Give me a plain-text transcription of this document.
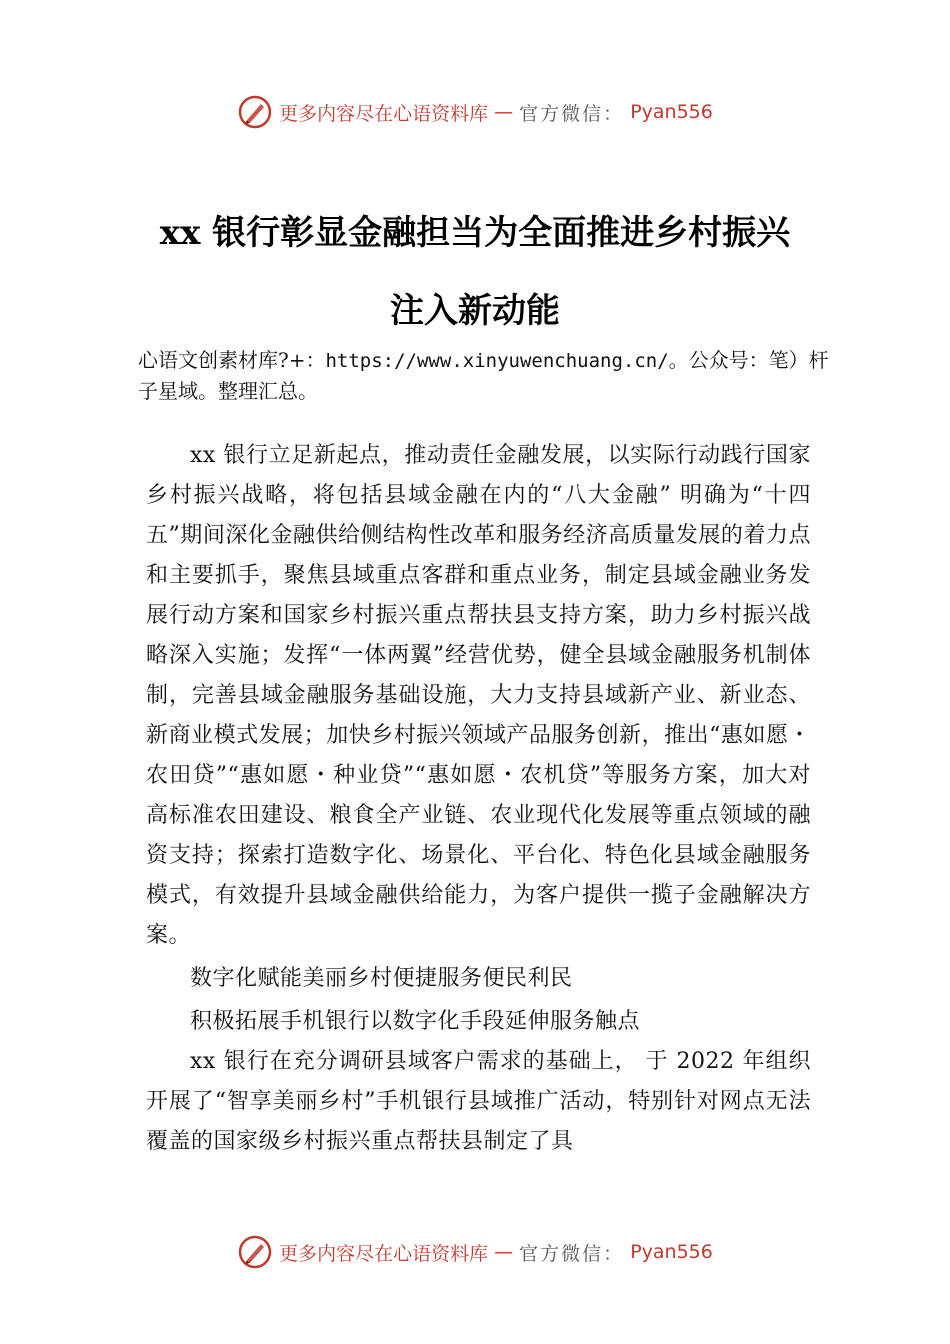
更多内容尽在心语资料库 — 官方微信： Pyan556
xx 银行彰显金融担当为全面推进乡村振兴
注入新动能
心语文创素材库?+：https://www.xinyuwenchuang.cn/。公众号：笔）杆子星域。整理汇总。

xx 银行立足新起点，推动责任金融发展，以实际行动践行国家乡村振兴战略，将包括县域金融在内的“八大金融” 明确为“十四五”期间深化金融供给侧结构性改革和服务经济高质量发展的着力点和主要抓手，聚焦县域重点客群和重点业务，制定县域金融业务发展行动方案和国家乡村振兴重点帮扶县支持方案，助力乡村振兴战略深入实施；发挥“一体两翼”经营优势，健全县域金融服务机制体制，完善县域金融服务基础设施，大力支持县域新产业、新业态、新商业模式发展；加快乡村振兴领域产品服务创新，推出“惠如愿・农田贷”“惠如愿・种业贷”“惠如愿・农机贷”等服务方案，加大对高标准农田建设、粮食全产业链、农业现代化发展等重点领域的融资支持；探索打造数字化、场景化、平台化、特色化县域金融服务模式，有效提升县域金融供给能力，为客户提供一揽子金融解决方案。

数字化赋能美丽乡村便捷服务便民利民

积极拓展手机银行以数字化手段延伸服务触点

xx 银行在充分调研县域客户需求的基础上， 于 2022 年组织开展了“智享美丽乡村”手机银行县域推广活动，特别针对网点无法覆盖的国家级乡村振兴重点帮扶县制定了具

更多内容尽在心语资料库 — 官方微信： Pyan556
